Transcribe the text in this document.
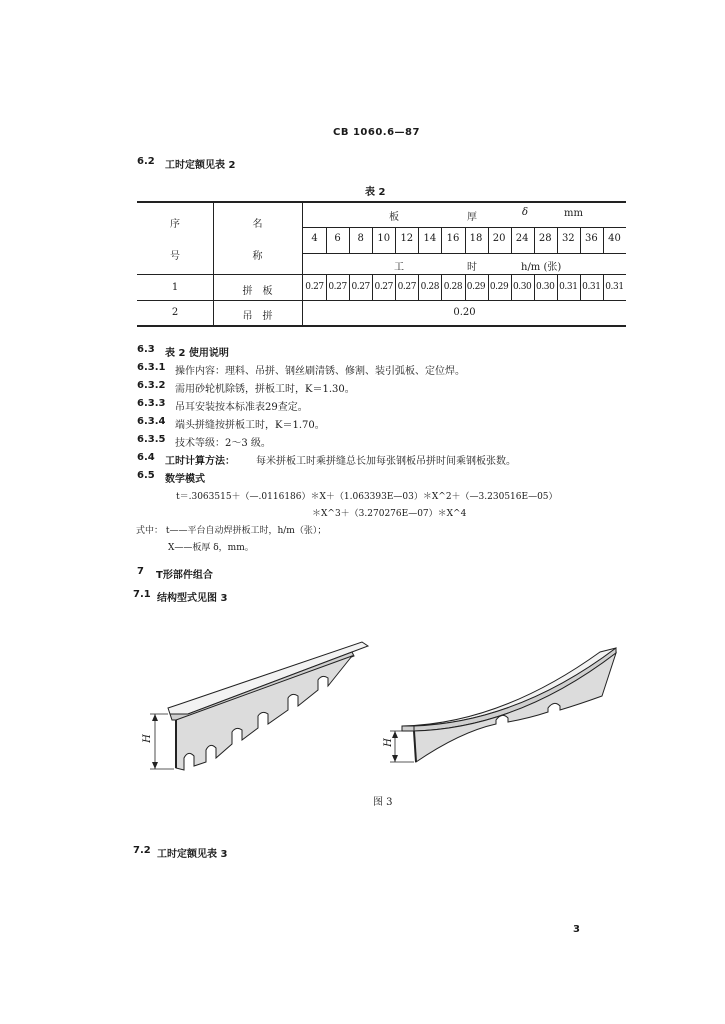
CB 1060.6—87
6.2 工时定额见表 2
表 2
序
号
名
称
板	厚	δ	mm
4	6	8	10	12	14	16	18	20	24	28	32	36	40
工	时	h/m (张)
1	拼　板	0.27 0.27 0.27 0.27 0.27 0.28 0.28 0.29 0.29 0.30 0.30 0.31 0.31 0.31
2	吊　拼	0.20
6.3 表 2 使用说明
6.3.1 操作内容：理料、吊拼、钢丝刷清锈、修割、装引弧板、定位焊。
6.3.2 需用砂轮机除锈，拼板工时，K＝1.30。
6.3.3 吊耳安装按本标准表29查定。
6.3.4 端头拼缝按拼板工时，K＝1.70。
6.3.5 技术等级：2～3 级。
6.4 工时计算方法： 每米拼板工时乘拼缝总长加每张钢板吊拼时间乘钢板张数。
6.5 数学模式
t＝.3063515＋（—.0116186）＊X＋（1.063393E—03）＊X^2＋（—3.230516E—05）
＊X^3＋（3.270276E—07）＊X^4
式中： t——平台自动焊拼板工时，h/m（张）；
X——板厚 δ，mm。
7 T形部件组合
7.1 结构型式见图 3
H	H
图 3
7.2 工时定额见表 3
3
